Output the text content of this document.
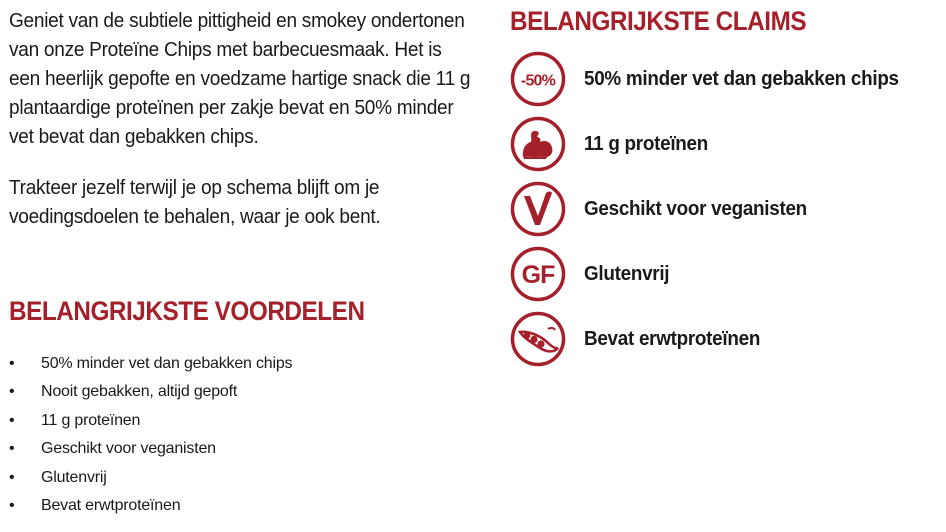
Geniet van de subtiele pittigheid en smokey ondertonen van onze Proteïne Chips met barbecuesmaak. Het is een heerlijk gepofte en voedzame hartige snack die 11 g plantaardige proteïnen per zakje bevat en 50% minder vet bevat dan gebakken chips.

Trakteer jezelf terwijl je op schema blijft om je voedingsdoelen te behalen, waar je ook bent.

BELANGRIJKSTE VOORDELEN
• 50% minder vet dan gebakken chips
• Nooit gebakken, altijd gepoft
• 11 g proteïnen
• Geschikt voor veganisten
• Glutenvrij
• Bevat erwtproteïnen
BELANGRIJKSTE CLAIMS
-50% 50% minder vet dan gebakken chips
11 g proteïnen
Geschikt voor veganisten
GF Glutenvrij
Bevat erwtproteïnen
